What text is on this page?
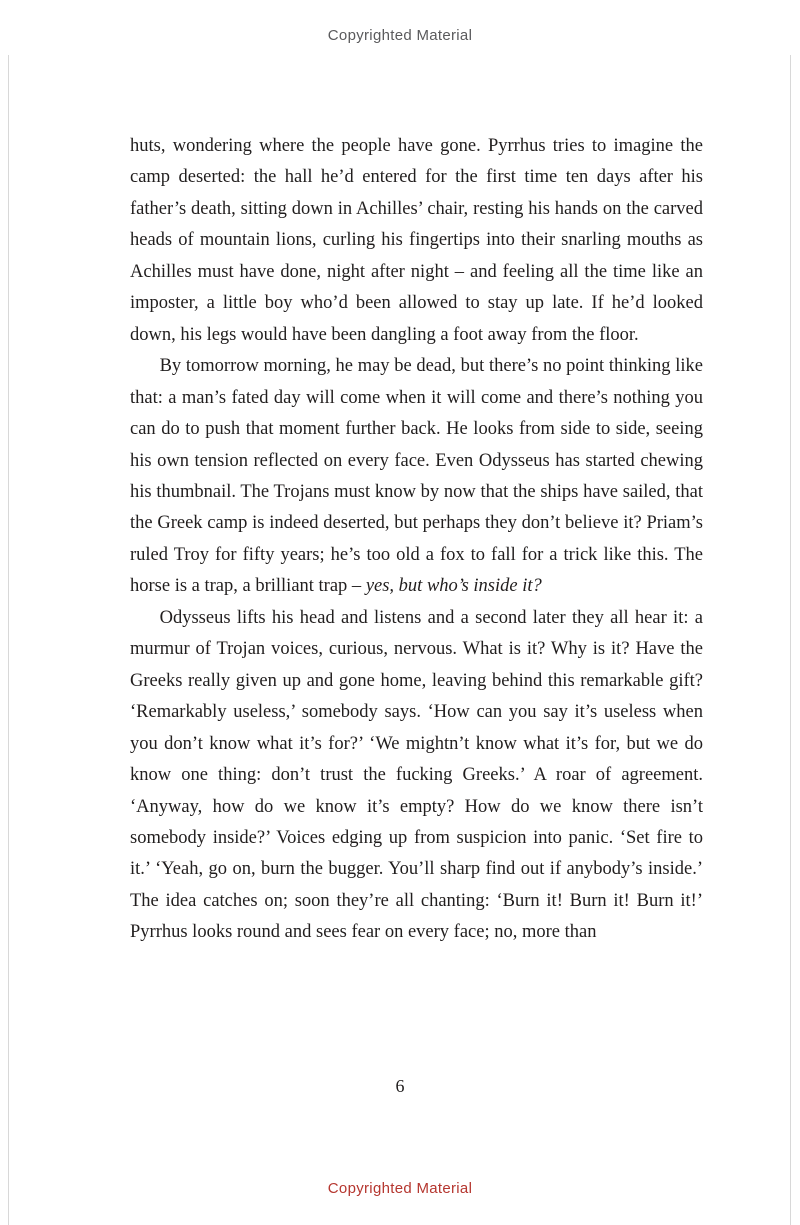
Copyrighted Material

huts, wondering where the people have gone. Pyrrhus tries to imagine the camp deserted: the hall he’d entered for the first time ten days after his father’s death, sitting down in Achilles’ chair, resting his hands on the carved heads of mountain lions, curling his fingertips into their snarling mouths as Achilles must have done, night after night – and feeling all the time like an imposter, a little boy who’d been allowed to stay up late. If he’d looked down, his legs would have been dangling a foot away from the floor.

By tomorrow morning, he may be dead, but there’s no point thinking like that: a man’s fated day will come when it will come and there’s nothing you can do to push that moment further back. He looks from side to side, seeing his own tension reflected on every face. Even Odysseus has started chewing his thumbnail. The Trojans must know by now that the ships have sailed, that the Greek camp is indeed deserted, but perhaps they don’t believe it? Priam’s ruled Troy for fifty years; he’s too old a fox to fall for a trick like this. The horse is a trap, a brilliant trap – yes, but who’s inside it?

Odysseus lifts his head and listens and a second later they all hear it: a murmur of Trojan voices, curious, nervous. What is it? Why is it? Have the Greeks really given up and gone home, leaving behind this remarkable gift? ‘Remarkably useless,’ somebody says. ‘How can you say it’s useless when you don’t know what it’s for?’ ‘We mightn’t know what it’s for, but we do know one thing: don’t trust the fucking Greeks.’ A roar of agreement. ‘Anyway, how do we know it’s empty? How do we know there isn’t somebody inside?’ Voices edging up from suspicion into panic. ‘Set fire to it.’ ‘Yeah, go on, burn the bugger. You’ll sharp find out if anybody’s inside.’ The idea catches on; soon they’re all chanting: ‘Burn it! Burn it! Burn it!’ Pyrrhus looks round and sees fear on every face; no, more than

6
Copyrighted Material
